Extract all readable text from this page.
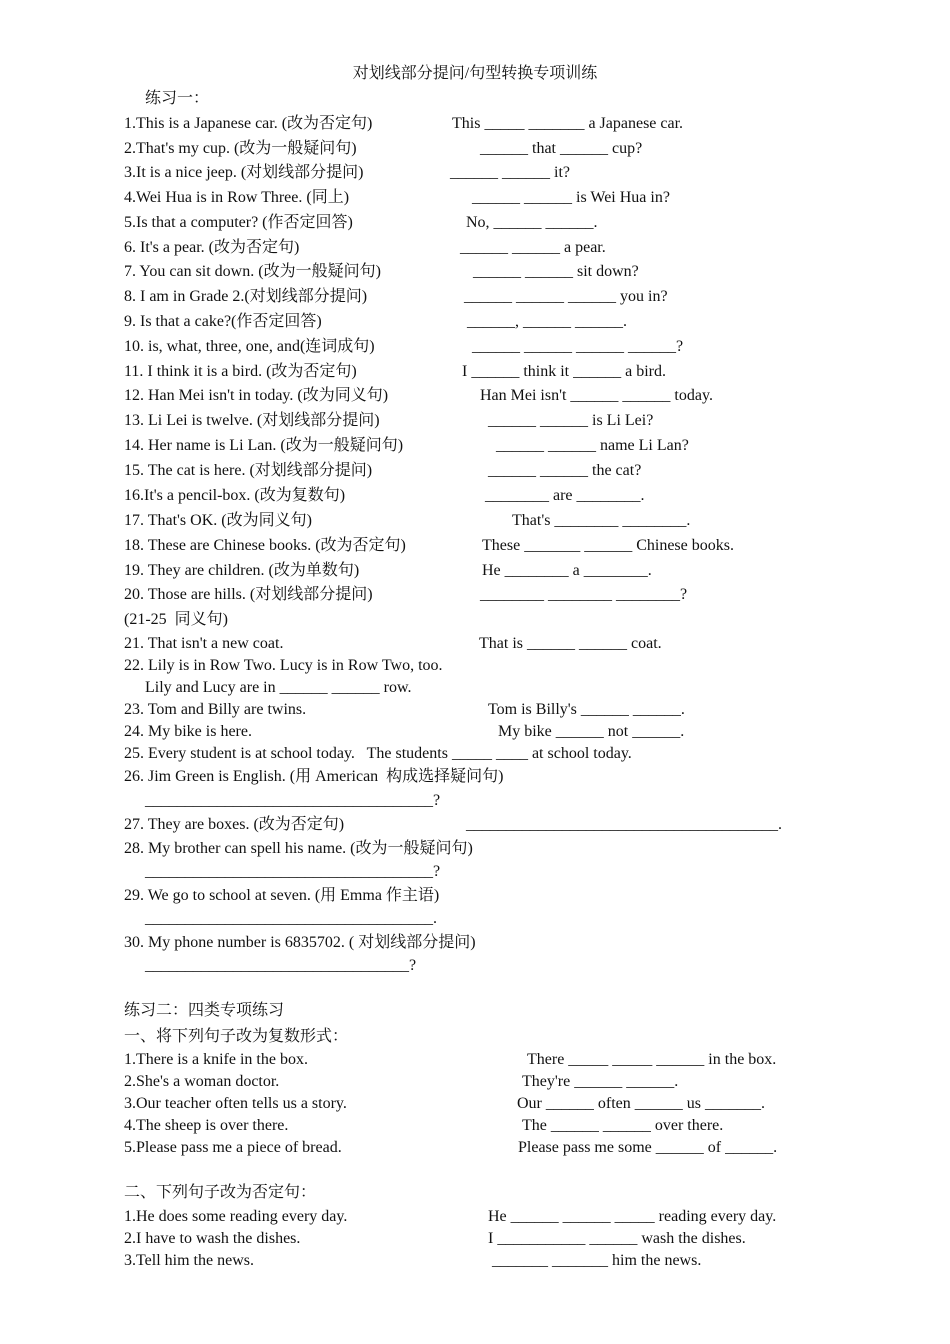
对划线部分提问/句型转换专项训练
练习一：
1.This is a Japanese car. (改为否定句)	This _____ _______ a Japanese car.
2.That's my cup. (改为一般疑问句)	______ that ______ cup?
3.It is a nice jeep. (对划线部分提问)	______ ______ it?
4.Wei Hua is in Row Three. (同上)	______ ______ is Wei Hua in?
5.Is that a computer? (作否定回答)	No, ______ ______.
6. It's a pear. (改为否定句)	______ ______ a pear.
7. You can sit down. (改为一般疑问句)	______ ______ sit down?
8. I am in Grade 2.(对划线部分提问)	______ ______ ______ you in?
9. Is that a cake?(作否定回答)	______, ______ ______.
10. is, what, three, one, and(连词成句)	______ ______ ______ ______?
11. I think it is a bird. (改为否定句)	I ______ think it ______ a bird.
12. Han Mei isn't in today. (改为同义句)	Han Mei isn't ______ ______ today.
13. Li Lei is twelve. (对划线部分提问)	______ ______ is Li Lei?
14. Her name is Li Lan. (改为一般疑问句)	______ ______ name Li Lan?
15. The cat is here. (对划线部分提问)	______ ______ the cat?
16.It's a pencil-box. (改为复数句)	________ are ________.
17. That's OK. (改为同义句)	That's ________ ________.
18. These are Chinese books. (改为否定句)	These _______ ______ Chinese books.
19. They are children. (改为单数句)	He ________ a ________.
20. Those are hills. (对划线部分提问)	________ ________ ________?
(21-25  同义句)
21. That isn't a new coat.	That is ______ ______ coat.
22. Lily is in Row Two. Lucy is in Row Two, too.
Lily and Lucy are in ______ ______ row.
23. Tom and Billy are twins.	Tom is Billy's ______ ______.
24. My bike is here.	My bike ______ not ______.
25. Every student is at school today.   The students _____ ____ at school today.
26. Jim Green is English. (用 American  构成选择疑问句)
____________________________________?
27. They are boxes. (改为否定句)	_______________________________________.
28. My brother can spell his name. (改为一般疑问句)
____________________________________?
29. We go to school at seven. (用 Emma 作主语)
____________________________________.
30. My phone number is 6835702. ( 对划线部分提问)
_________________________________?
练习二：四类专项练习
一、将下列句子改为复数形式：
1.There is a knife in the box.	There _____ _____ ______ in the box.
2.She's a woman doctor.	They're ______ ______.
3.Our teacher often tells us a story.	Our ______ often ______ us _______.
4.The sheep is over there.	The ______ ______ over there.
5.Please pass me a piece of bread.	Please pass me some ______ of ______.
二、下列句子改为否定句：
1.He does some reading every day.	He ______ ______ _____ reading every day.
2.I have to wash the dishes.	I ___________ ______ wash the dishes.
3.Tell him the news.	_______ _______ him the news.
